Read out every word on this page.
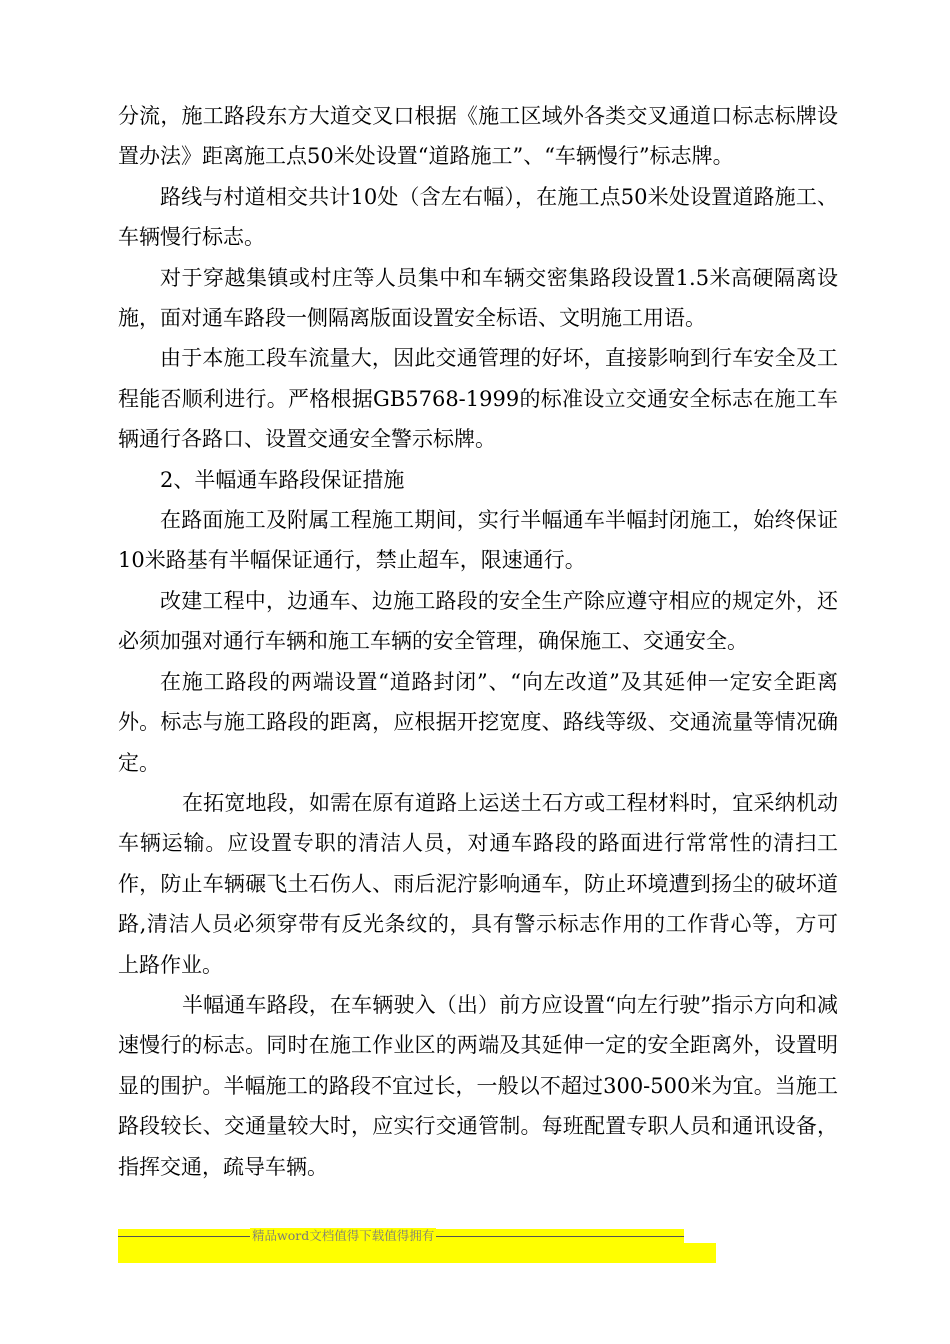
分流，施工路段东方大道交叉口根据《施工区域外各类交叉通道口标志标牌设置办法》距离施工点50米处设置“道路施工”、“车辆慢行”标志牌。

路线与村道相交共计10处（含左右幅），在施工点50米处设置道路施工、车辆慢行标志。

对于穿越集镇或村庄等人员集中和车辆交密集路段设置1.5米高硬隔离设施，面对通车路段一侧隔离版面设置安全标语、文明施工用语。

由于本施工段车流量大，因此交通管理的好坏，直接影响到行车安全及工程能否顺利进行。严格根据GB5768-1999的标准设立交通安全标志在施工车辆通行各路口、设置交通安全警示标牌。

2、半幅通车路段保证措施

在路面施工及附属工程施工期间，实行半幅通车半幅封闭施工，始终保证10米路基有半幅保证通行，禁止超车，限速通行。

改建工程中，边通车、边施工路段的安全生产除应遵守相应的规定外，还必须加强对通行车辆和施工车辆的安全管理，确保施工、交通安全。

在施工路段的两端设置“道路封闭”、“向左改道”及其延伸一定安全距离外。标志与施工路段的距离，应根据开挖宽度、路线等级、交通流量等情况确定。

在拓宽地段，如需在原有道路上运送土石方或工程材料时，宜采纳机动车辆运输。应设置专职的清洁人员，对通车路段的路面进行常常性的清扫工作，防止车辆碾飞土石伤人、雨后泥泞影响通车，防止环境遭到扬尘的破坏道路,清洁人员必须穿带有反光条纹的，具有警示标志作用的工作背心等，方可上路作业。

半幅通车路段，在车辆驶入（出）前方应设置“向左行驶”指示方向和减速慢行的标志。同时在施工作业区的两端及其延伸一定的安全距离外，设置明显的围护。半幅施工的路段不宜过长，一般以不超过300-500米为宜。当施工路段较长、交通量较大时，应实行交通管制。每班配置专职人员和通讯设备，指挥交通，疏导车辆。

精品word文档值得下载值得拥有
